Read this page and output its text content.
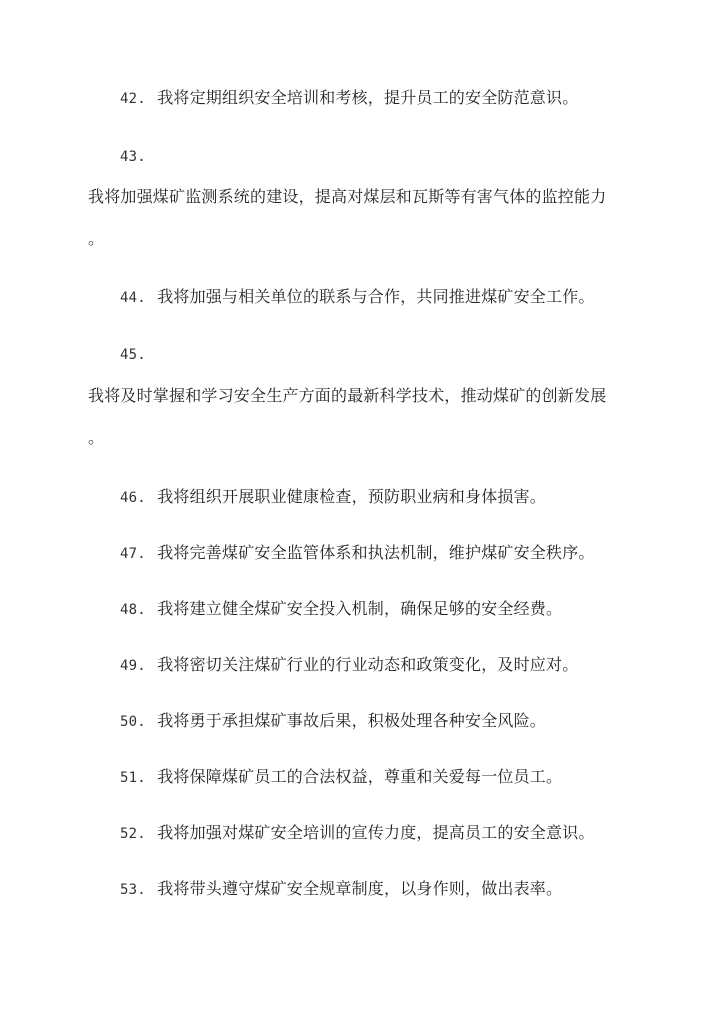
42. 我将定期组织安全培训和考核，提升员工的安全防范意识。
43.
我将加强煤矿监测系统的建设，提高对煤层和瓦斯等有害气体的监控能力
。
44. 我将加强与相关单位的联系与合作，共同推进煤矿安全工作。
45.
我将及时掌握和学习安全生产方面的最新科学技术，推动煤矿的创新发展
。
46. 我将组织开展职业健康检查，预防职业病和身体损害。
47. 我将完善煤矿安全监管体系和执法机制，维护煤矿安全秩序。
48. 我将建立健全煤矿安全投入机制，确保足够的安全经费。
49. 我将密切关注煤矿行业的行业动态和政策变化，及时应对。
50. 我将勇于承担煤矿事故后果，积极处理各种安全风险。
51. 我将保障煤矿员工的合法权益，尊重和关爱每一位员工。
52. 我将加强对煤矿安全培训的宣传力度，提高员工的安全意识。
53. 我将带头遵守煤矿安全规章制度，以身作则，做出表率。
